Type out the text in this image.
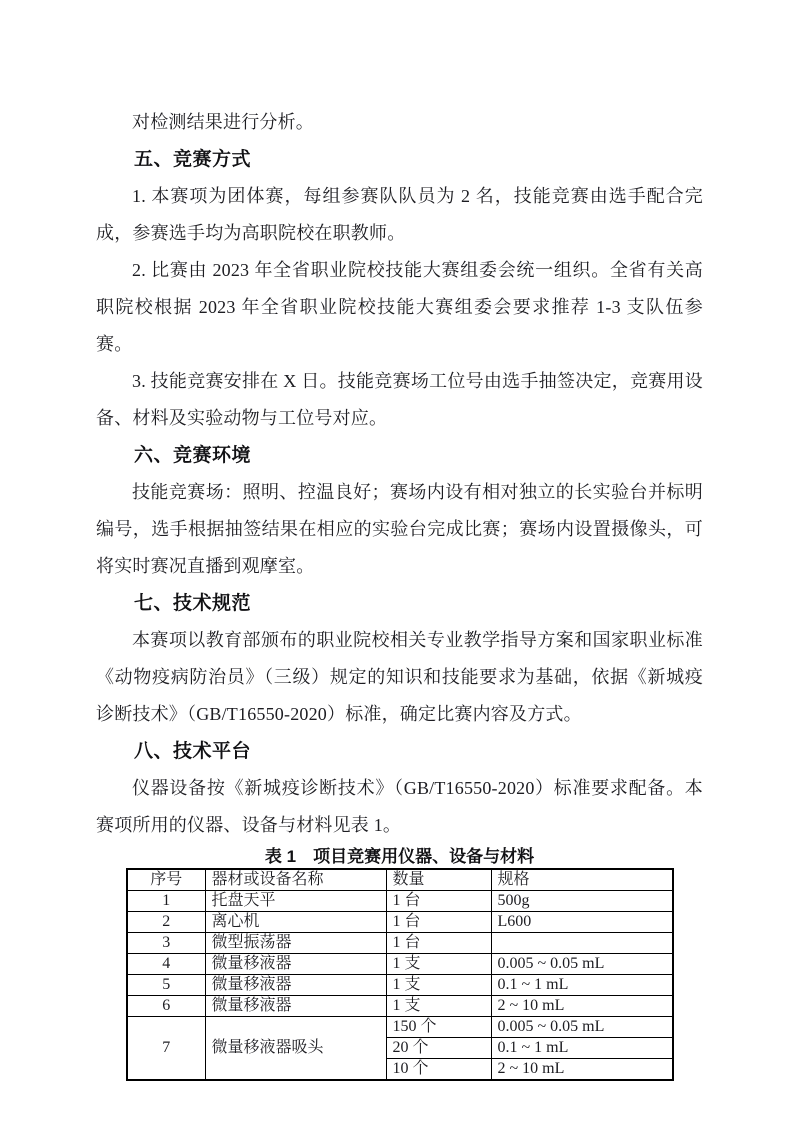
对检测结果进行分析。

五、竞赛方式

1. 本赛项为团体赛，每组参赛队队员为 2 名，技能竞赛由选手配合完成，参赛选手均为高职院校在职教师。

2. 比赛由 2023 年全省职业院校技能大赛组委会统一组织。全省有关高职院校根据 2023 年全省职业院校技能大赛组委会要求推荐 1-3 支队伍参赛。

3. 技能竞赛安排在 X 日。技能竞赛场工位号由选手抽签决定，竞赛用设备、材料及实验动物与工位号对应。

六、竞赛环境

技能竞赛场：照明、控温良好；赛场内设有相对独立的长实验台并标明编号，选手根据抽签结果在相应的实验台完成比赛；赛场内设置摄像头，可将实时赛况直播到观摩室。

七、技术规范

本赛项以教育部颁布的职业院校相关专业教学指导方案和国家职业标准《动物疫病防治员》（三级）规定的知识和技能要求为基础，依据《新城疫诊断技术》（GB/T16550-2020）标准，确定比赛内容及方式。

八、技术平台

仪器设备按《新城疫诊断技术》（GB/T16550-2020）标准要求配备。本赛项所用的仪器、设备与材料见表 1。

表 1　项目竞赛用仪器、设备与材料
序号	器材或设备名称	数量	规格
1	托盘天平	1 台	500g
2	离心机	1 台	L600
3	微型振荡器	1 台	
4	微量移液器	1 支	0.005 ~ 0.05 mL
5	微量移液器	1 支	0.1 ~ 1 mL
6	微量移液器	1 支	2 ~ 10 mL
7	微量移液器吸头	150 个	0.005 ~ 0.05 mL
		20 个	0.1 ~ 1 mL
		10 个	2 ~ 10 mL
